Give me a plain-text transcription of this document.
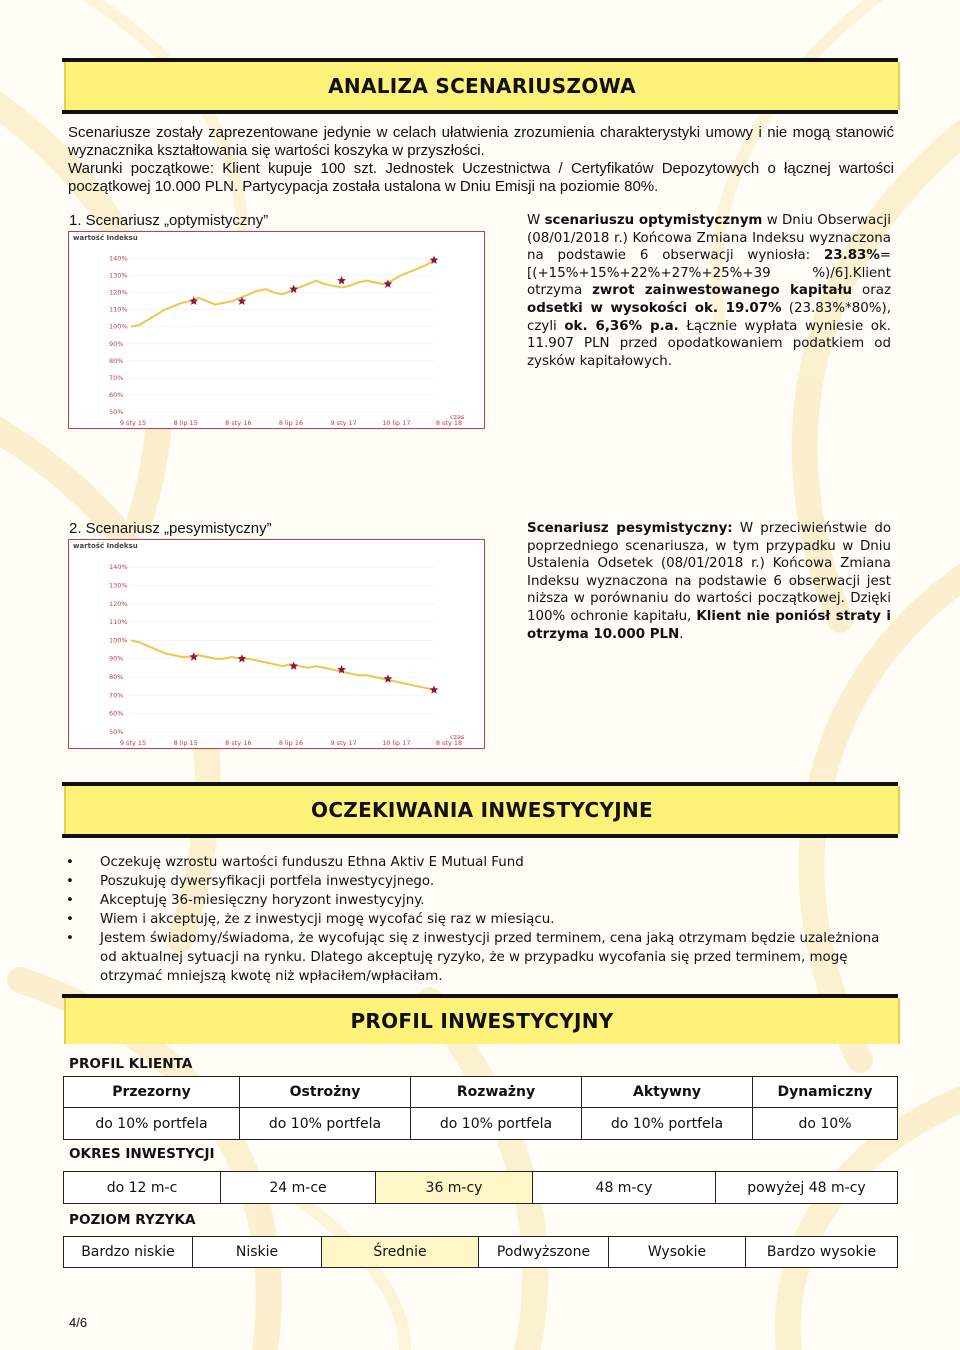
ANALIZA SCENARIUSZOWA

Scenariusze zostały zaprezentowane jedynie w celach ułatwienia zrozumienia charakterystyki umowy i nie mogą stanowić wyznacznika kształtowania się wartości koszyka w przyszłości.

Warunki początkowe: Klient kupuje 100 szt. Jednostek Uczestnictwa / Certyfikatów Depozytowych o łącznej wartości początkowej 10.000 PLN. Partycypacja została ustalona w Dniu Emisji na poziomie 80%.

1. Scenariusz „optymistyczny”
wartość Indeksu
50%
60%
70%
80%
90%
100%
110%
120%
130%
140%
9 sty 15	8 lip 15	8 sty 16	8 lip 16	9 sty 17	10 lip 17	8 sty 18
czas

W scenariuszu optymistycznym w Dniu Obserwacji (08/01/2018 r.) Końcowa Zmiana Indeksu wyznaczona na podstawie 6 obserwacji wyniosła: 23.83%=[(+15%+15%+22%+27%+25%+39 %)/6].Klient otrzyma zwrot zainwestowanego kapitału oraz odsetki w wysokości ok. 19.07% (23.83%*80%), czyli ok. 6,36% p.a. Łącznie wypłata wyniesie ok. 11.907 PLN przed opodatkowaniem podatkiem od zysków kapitałowych.

2. Scenariusz „pesymistyczny”
wartość Indeksu
50%
60%
70%
80%
90%
100%
110%
120%
130%
140%
9 sty 15	8 lip 15	8 sty 16	8 lip 16	9 sty 17	10 lip 17	8 sty 18
czas

Scenariusz pesymistyczny: W przeciwieństwie do poprzedniego scenariusza, w tym przypadku w Dniu Ustalenia Odsetek (08/01/2018 r.) Końcowa Zmiana Indeksu wyznaczona na podstawie 6 obserwacji jest niższa w porównaniu do wartości początkowej. Dzięki 100% ochronie kapitału, Klient nie poniósł straty i otrzyma 10.000 PLN.

OCZEKIWANIA INWESTYCYJNE
• Oczekuję wzrostu wartości funduszu Ethna Aktiv E Mutual Fund
• Poszukuję dywersyfikacji portfela inwestycyjnego.
• Akceptuję 36-miesięczny horyzont inwestycyjny.
• Wiem i akceptuję, że z inwestycji mogę wycofać się raz w miesiącu.
• Jestem świadomy/świadoma, że wycofując się z inwestycji przed terminem, cena jaką otrzymam będzie uzależniona od aktualnej sytuacji na rynku. Dlatego akceptuję ryzyko, że w przypadku wycofania się przed terminem, mogę otrzymać mniejszą kwotę niż wpłaciłem/wpłaciłam.
PROFIL INWESTYCYJNY
PROFIL KLIENTA
Przezorny	Ostrożny	Rozważny	Aktywny	Dynamiczny
do 10% portfela	do 10% portfela	do 10% portfela	do 10% portfela	do 10%
OKRES INWESTYCJI
do 12 m-c	24 m-ce	36 m-cy	48 m-cy	powyżej 48 m-cy
POZIOM RYZYKA
Bardzo niskie	Niskie	Średnie	Podwyższone	Wysokie	Bardzo wysokie
4/6
